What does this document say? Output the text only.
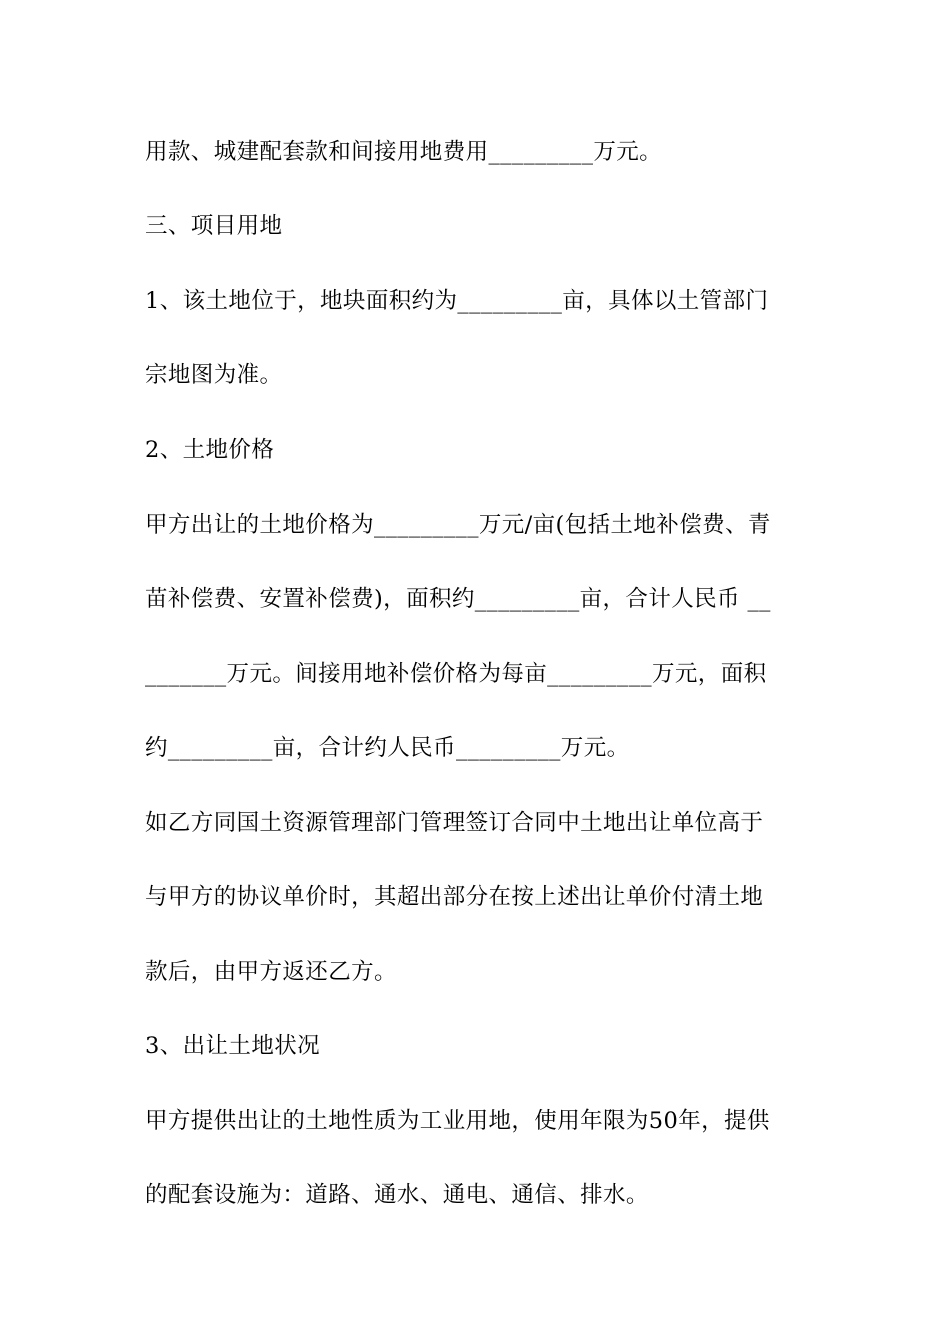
用款、城建配套款和间接用地费用_________万元。
三、项目用地
1、该土地位于，地块面积约为_________亩，具体以土管部门
宗地图为准。
2、土地价格
甲方出让的土地价格为_________万元/亩(包括土地补偿费、青
苗补偿费、安置补偿费)，面积约_________亩，合计人民币 __
_______万元。间接用地补偿价格为每亩_________万元，面积
约_________亩，合计约人民币_________万元。
如乙方同国土资源管理部门管理签订合同中土地出让单位高于
与甲方的协议单价时，其超出部分在按上述出让单价付清土地
款后，由甲方返还乙方。
3、出让土地状况
甲方提供出让的土地性质为工业用地，使用年限为50年，提供
的配套设施为：道路、通水、通电、通信、排水。
